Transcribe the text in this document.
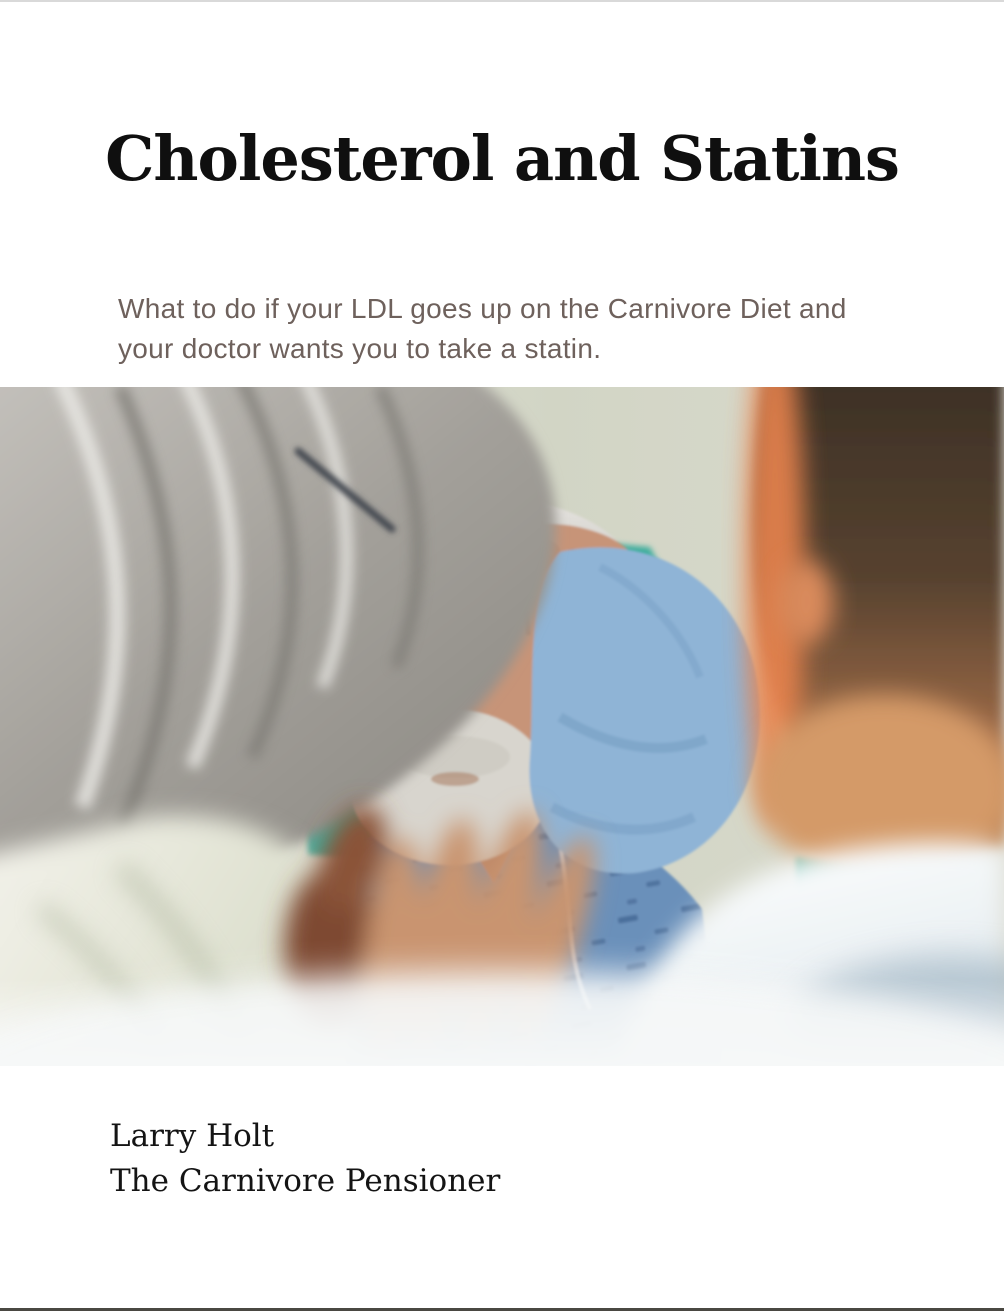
Cholesterol and Statins

What to do if your LDL goes up on the Carnivore Diet and your doctor wants you to take a statin.

Larry Holt
The Carnivore Pensioner
